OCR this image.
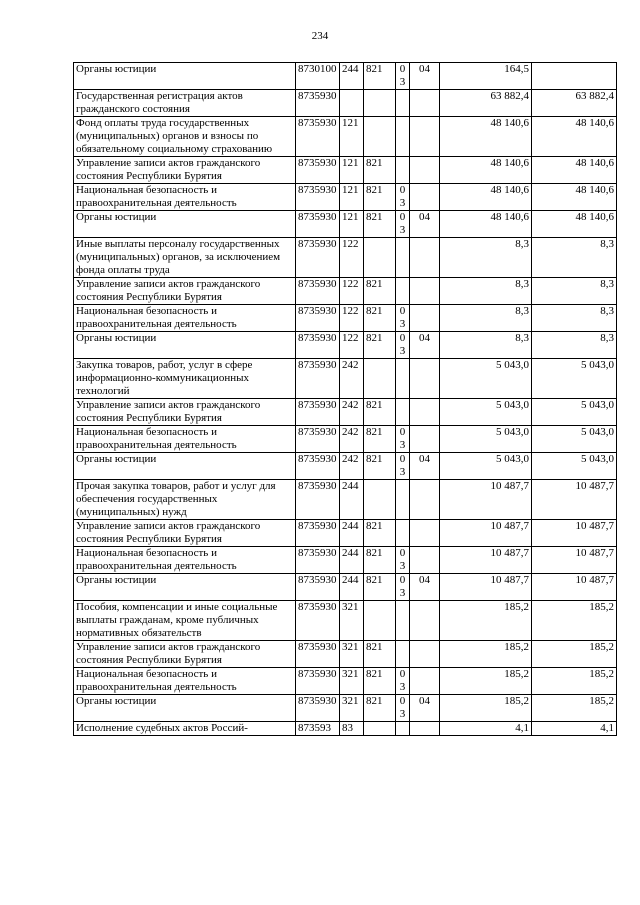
234
Органы юстиции	8730100	244	821	03	04	164,5	
Государственная регистрация актов гражданского состояния	8735930					63 882,4	63 882,4
Фонд оплаты труда государственных (муниципальных) органов и взносы по обязательному социальному страхованию	8735930	121				48 140,6	48 140,6
Управление записи актов гражданского состояния Республики Бурятия	8735930	121	821			48 140,6	48 140,6
Национальная безопасность и правоохранительная деятельность	8735930	121	821	03		48 140,6	48 140,6
Органы юстиции	8735930	121	821	03	04	48 140,6	48 140,6
Иные выплаты персоналу государственных (муниципальных) органов, за исключением фонда оплаты труда	8735930	122				8,3	8,3
Управление записи актов гражданского состояния Республики Бурятия	8735930	122	821			8,3	8,3
Национальная безопасность и правоохранительная деятельность	8735930	122	821	03		8,3	8,3
Органы юстиции	8735930	122	821	03	04	8,3	8,3
Закупка товаров, работ, услуг в сфере информационно-коммуникационных технологий	8735930	242				5 043,0	5 043,0
Управление записи актов гражданского состояния Республики Бурятия	8735930	242	821			5 043,0	5 043,0
Национальная безопасность и правоохранительная деятельность	8735930	242	821	03		5 043,0	5 043,0
Органы юстиции	8735930	242	821	03	04	5 043,0	5 043,0
Прочая закупка товаров, работ и услуг для обеспечения государственных (муниципальных) нужд	8735930	244				10 487,7	10 487,7
Управление записи актов гражданского состояния Республики Бурятия	8735930	244	821			10 487,7	10 487,7
Национальная безопасность и правоохранительная деятельность	8735930	244	821	03		10 487,7	10 487,7
Органы юстиции	8735930	244	821	03	04	10 487,7	10 487,7
Пособия, компенсации и иные социальные выплаты гражданам, кроме публичных нормативных обязательств	8735930	321				185,2	185,2
Управление записи актов гражданского состояния Республики Бурятия	8735930	321	821			185,2	185,2
Национальная безопасность и правоохранительная деятельность	8735930	321	821	03		185,2	185,2
Органы юстиции	8735930	321	821	03	04	185,2	185,2
Исполнение судебных актов Россий-	873593	83				4,1	4,1
